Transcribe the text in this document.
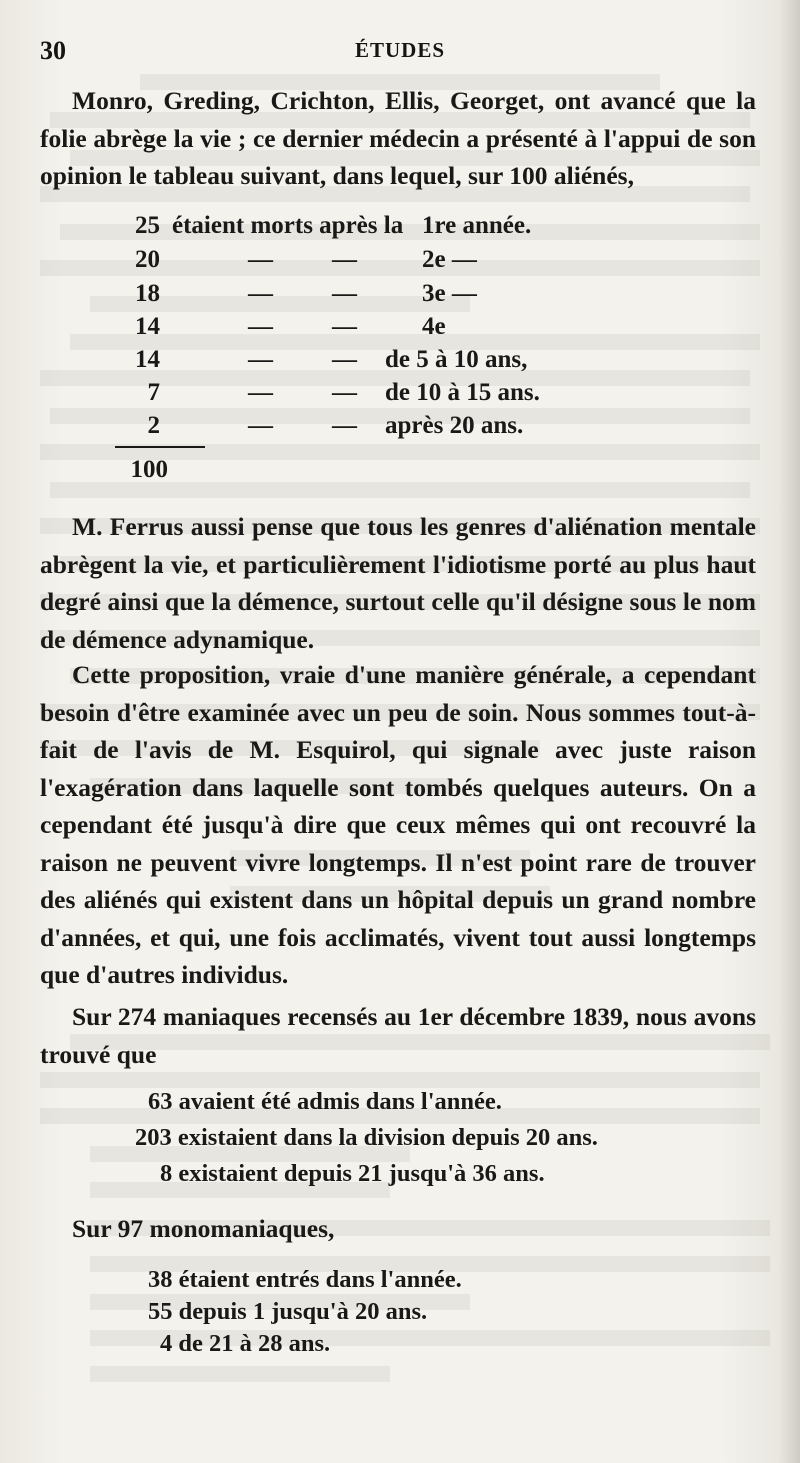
30	ÉTUDES

Monro, Greding, Crichton, Ellis, Georget, ont avancé que la folie abrège la vie ; ce dernier médecin a présenté à l'appui de son opinion le tableau suivant, dans lequel, sur 100 aliénés,

25 étaient morts après la 1re année.
20	— —	2e —
18	— —	3e —
14	— —	4e
14	— — de 5 à 10 ans,
7	— — de 10 à 15 ans.
2	— — après 20 ans.
100

M. Ferrus aussi pense que tous les genres d'aliénation mentale abrègent la vie, et particulièrement l'idiotisme porté au plus haut degré ainsi que la démence, surtout celle qu'il désigne sous le nom de démence adynamique.

Cette proposition, vraie d'une manière générale, a cependant besoin d'être examinée avec un peu de soin. Nous sommes tout-à-fait de l'avis de M. Esquirol, qui signale avec juste raison l'exagération dans laquelle sont tombés quelques auteurs. On a cependant été jusqu'à dire que ceux mêmes qui ont recouvré la raison ne peuvent vivre longtemps. Il n'est point rare de trouver des aliénés qui existent dans un hôpital depuis un grand nombre d'années, et qui, une fois acclimatés, vivent tout aussi longtemps que d'autres individus.

Sur 274 maniaques recensés au 1er décembre 1839, nous avons trouvé que

63 avaient été admis dans l'année.
203 existaient dans la division depuis 20 ans.
8 existaient depuis 21 jusqu'à 36 ans.

Sur 97 monomaniaques,

38 étaient entrés dans l'année.
55 depuis 1 jusqu'à 20 ans.
4 de 21 à 28 ans.
